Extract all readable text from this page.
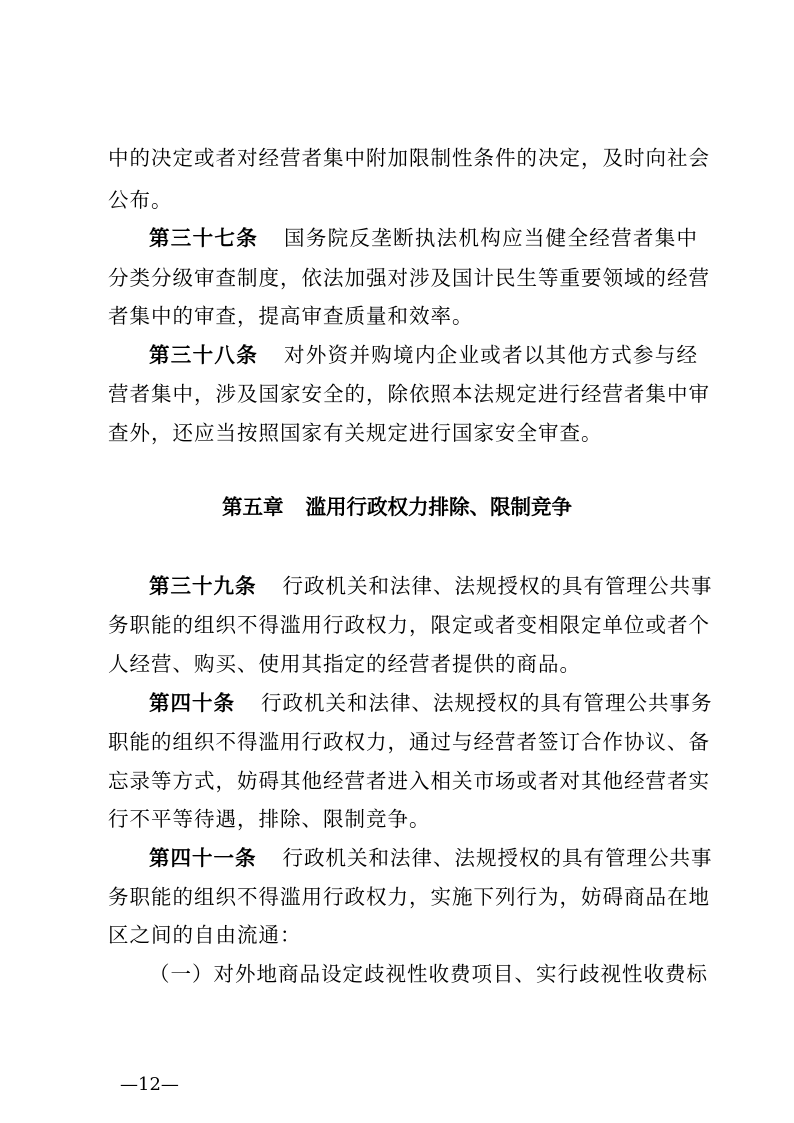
中的决定或者对经营者集中附加限制性条件的决定，及时向社会
公布。
第三十七条 国务院反垄断执法机构应当健全经营者集中
分类分级审查制度，依法加强对涉及国计民生等重要领域的经营
者集中的审查，提高审查质量和效率。
第三十八条 对外资并购境内企业或者以其他方式参与经
营者集中，涉及国家安全的，除依照本法规定进行经营者集中审
查外，还应当按照国家有关规定进行国家安全审查。
第五章 滥用行政权力排除、限制竞争
第三十九条 行政机关和法律、法规授权的具有管理公共事
务职能的组织不得滥用行政权力，限定或者变相限定单位或者个
人经营、购买、使用其指定的经营者提供的商品。
第四十条 行政机关和法律、法规授权的具有管理公共事务
职能的组织不得滥用行政权力，通过与经营者签订合作协议、备
忘录等方式，妨碍其他经营者进入相关市场或者对其他经营者实
行不平等待遇，排除、限制竞争。
第四十一条 行政机关和法律、法规授权的具有管理公共事
务职能的组织不得滥用行政权力，实施下列行为，妨碍商品在地
区之间的自由流通：
（一）对外地商品设定歧视性收费项目、实行歧视性收费标
—12—
